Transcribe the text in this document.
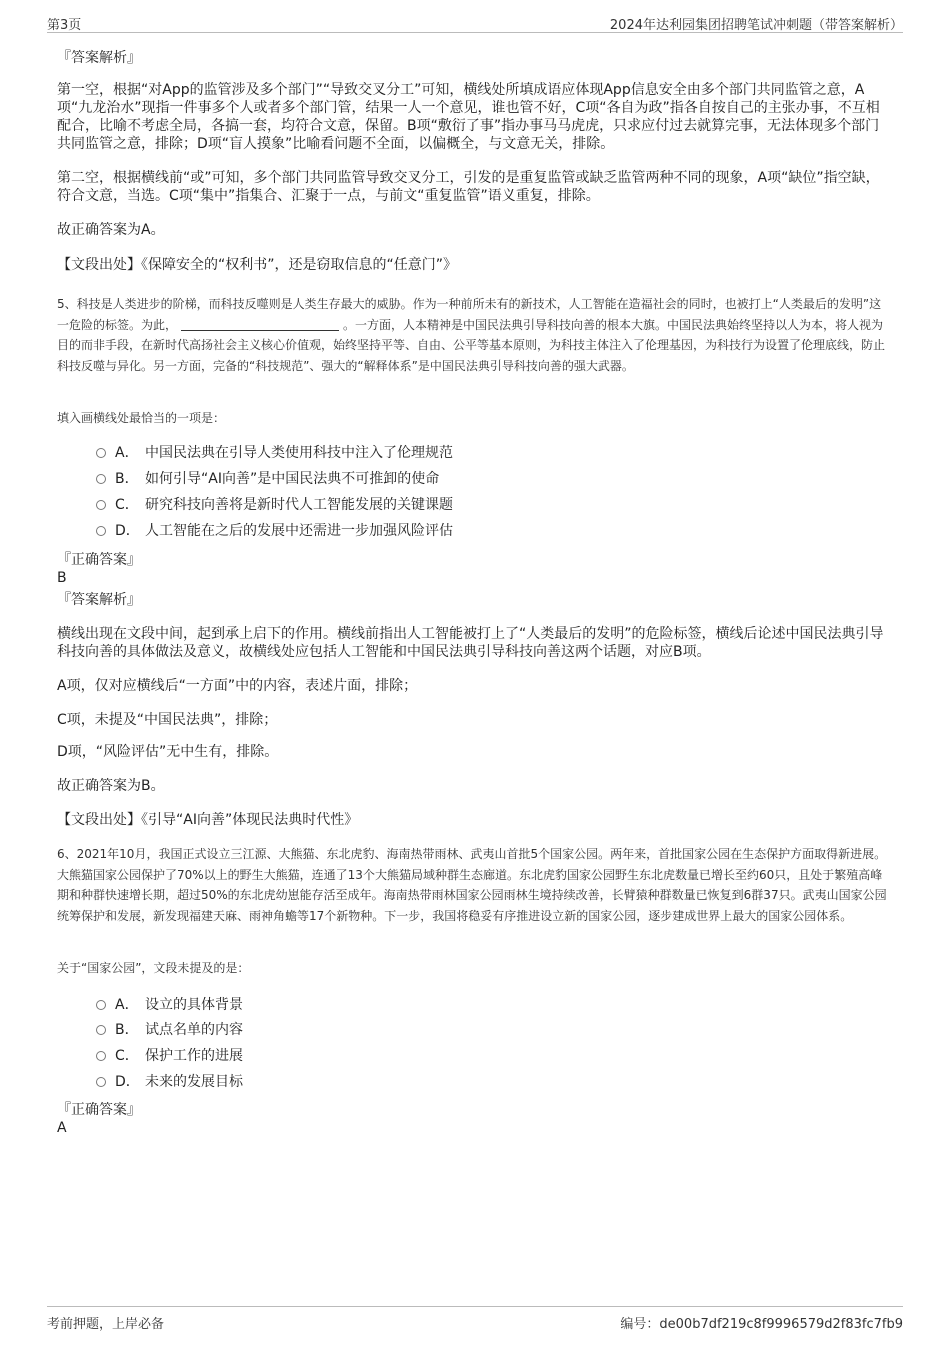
第3页	2024年达利园集团招聘笔试冲刺题（带答案解析）
『答案解析』
第一空，根据“对App的监管涉及多个部门”“导致交叉分工”可知，横线处所填成语应体现App信息安全由多个部门共同监管之意，A项“九龙治水”现指一件事多个人或者多个部门管，结果一人一个意见，谁也管不好，C项“各自为政”指各自按自己的主张办事，不互相配合，比喻不考虑全局，各搞一套，均符合文意，保留。B项“敷衍了事”指办事马马虎虎，只求应付过去就算完事，无法体现多个部门共同监管之意，排除；D项“盲人摸象”比喻看问题不全面，以偏概全，与文意无关，排除。
第二空，根据横线前“或”可知，多个部门共同监管导致交叉分工，引发的是重复监管或缺乏监管两种不同的现象，A项“缺位”指空缺，符合文意，当选。C项“集中”指集合、汇聚于一点，与前文“重复监管”语义重复，排除。
故正确答案为A。
【文段出处】《保障安全的“权利书”，还是窃取信息的“任意门”》
5、科技是人类进步的阶梯，而科技反噬则是人类生存最大的威胁。作为一种前所未有的新技术，人工智能在造福社会的同时，也被打上“人类最后的发明”这一危险的标签。为此，	。一方面，人本精神是中国民法典引导科技向善的根本大旗。中国民法典始终坚持以人为本，将人视为目的而非手段，在新时代高扬社会主义核心价值观，始终坚持平等、自由、公平等基本原则，为科技主体注入了伦理基因，为科技行为设置了伦理底线，防止科技反噬与异化。另一方面，完备的“科技规范”、强大的“解释体系”是中国民法典引导科技向善的强大武器。
填入画横线处最恰当的一项是：
A． 中国民法典在引导人类使用科技中注入了伦理规范
B． 如何引导“AI向善”是中国民法典不可推卸的使命
C． 研究科技向善将是新时代人工智能发展的关键课题
D． 人工智能在之后的发展中还需进一步加强风险评估
『正确答案』
B
『答案解析』
横线出现在文段中间，起到承上启下的作用。横线前指出人工智能被打上了“人类最后的发明”的危险标签，横线后论述中国民法典引导科技向善的具体做法及意义，故横线处应包括人工智能和中国民法典引导科技向善这两个话题，对应B项。
A项，仅对应横线后“一方面”中的内容，表述片面，排除；
C项，未提及“中国民法典”，排除；
D项，“风险评估”无中生有，排除。
故正确答案为B。
【文段出处】《引导“AI向善”体现民法典时代性》
6、2021年10月，我国正式设立三江源、大熊猫、东北虎豹、海南热带雨林、武夷山首批5个国家公园。两年来，首批国家公园在生态保护方面取得新进展。大熊猫国家公园保护了70%以上的野生大熊猫，连通了13个大熊猫局域种群生态廊道。东北虎豹国家公园野生东北虎数量已增长至约60只，且处于繁殖高峰期和种群快速增长期，超过50%的东北虎幼崽能存活至成年。海南热带雨林国家公园雨林生境持续改善，长臂猿种群数量已恢复到6群37只。武夷山国家公园统筹保护和发展，新发现福建天麻、雨神角蟾等17个新物种。下一步，我国将稳妥有序推进设立新的国家公园，逐步建成世界上最大的国家公园体系。
关于“国家公园”，文段未提及的是：
A． 设立的具体背景
B． 试点名单的内容
C． 保护工作的进展
D． 未来的发展目标
『正确答案』
A
考前押题，上岸必备	编号：de00b7df219c8f9996579d2f83fc7fb9
